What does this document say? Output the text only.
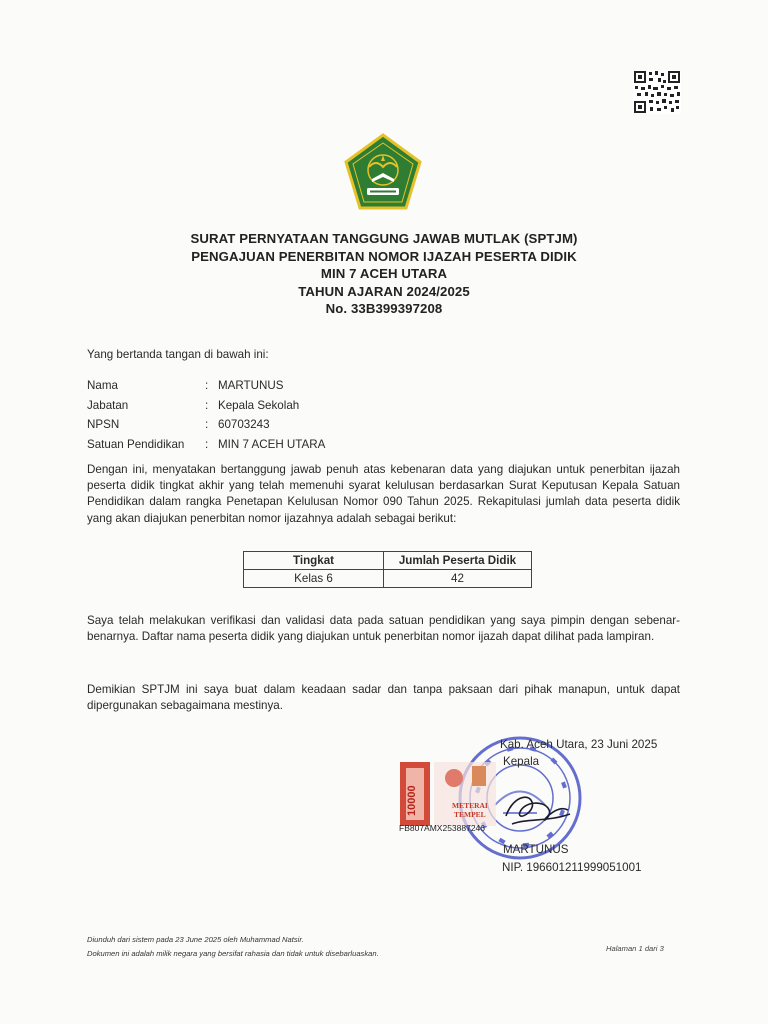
SURAT PERNYATAAN TANGGUNG JAWAB MUTLAK (SPTJM)
PENGAJUAN PENERBITAN NOMOR IJAZAH PESERTA DIDIK
MIN 7 ACEH UTARA
TAHUN AJARAN 2024/2025
No. 33B399397208
Yang bertanda tangan di bawah ini:
Nama	: MARTUNUS
Jabatan	: Kepala Sekolah
NPSN	: 60703243
Satuan Pendidikan	: MIN 7 ACEH UTARA
Dengan ini, menyatakan bertanggung jawab penuh atas kebenaran data yang diajukan untuk penerbitan ijazah peserta didik tingkat akhir yang telah memenuhi syarat kelulusan berdasarkan Surat Keputusan Kepala Satuan Pendidikan dalam rangka Penetapan Kelulusan Nomor 090 Tahun 2025. Rekapitulasi jumlah data peserta didik yang akan diajukan penerbitan nomor ijazahnya adalah sebagai berikut:
Tingkat	Jumlah Peserta Didik
Kelas 6	42
Saya telah melakukan verifikasi dan validasi data pada satuan pendidikan yang saya pimpin dengan sebenar-benarnya. Daftar nama peserta didik yang diajukan untuk penerbitan nomor ijazah dapat dilihat pada lampiran.
Demikian SPTJM ini saya buat dalam keadaan sadar dan tanpa paksaan dari pihak manapun, untuk dapat dipergunakan sebagaimana mestinya.
10000	METERAI
TEMPEL
FB807AMX253887246
Kab. Aceh Utara, 23 Juni 2025
Kepala
MARTUNUS
NIP. 196601211999051001
Diunduh dari sistem pada 23 June 2025 oleh Muhammad Natsir.
Dokumen ini adalah milik negara yang bersifat rahasia dan tidak untuk disebarluaskan.
Halaman 1 dari 3
